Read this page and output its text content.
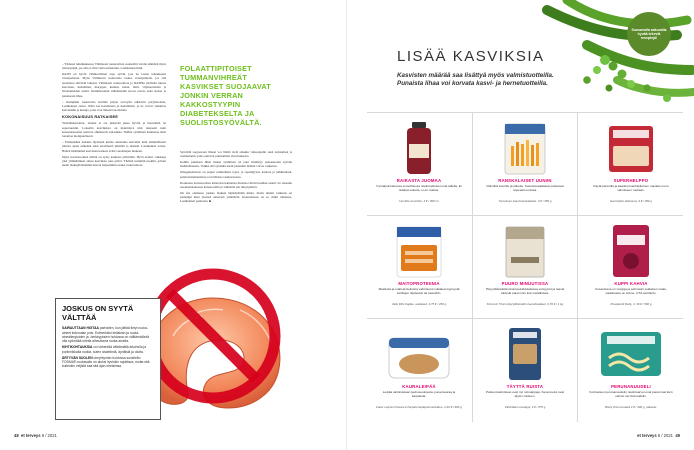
– Yhdessä tutkimuksessa Välimeren ruokavalion osoitettiin vievän ehkäistä myös ristiasyöpää, jos sitä ei ollut vielä sairastanut, Laatikainen lisää.

DASH on hyvin välimerellisen tapa syödä, jota ne lasten tehokkaasti verenpainetta. Myös Välimeren ruokavalio laskee verenpainetta, jos sitä noudattaa riittävän laheisti. Välimeren ruokavaliota ja DASHia yhdistää runsas kasvisten, hedelmien, marjojen, kuidun, kalan, mäti, viljatuotteiden ja hivenaineiden saanti. Kummassakin vähennetään kovaa rasvaa sekä suolaa ja punaisesta lihaa.

– Kumpikin ruokavalio sisältää paljon terveyttä edistäviä polyfenoleita, Laatikainen sanoo. Niitä saa kasviksista ja hedelmistä, ja ne voivat vaikuttaa kasvaimiin ja kuituja, joita ovat tärkeitä suolistolle.

KOKONAISUUS RATKAISEE

Yksittäiskuvaissa- aineita ei ole järkevää jakaa hyviin ja huonoihin tai superruokiin. Lokaalin kasviksista on mainittava niin runsaasti kuin kokonaisuutena saatavat ehkäisevät sairauksia. Niiden syöminen kannattaa siksi toteuttaa monipuolisesti.

– Esimerkiksi lisäaine täytteenä kuitua annettuna kasveilla kuin säännöllisesti juttelet ajaen selkeänä sekä tavallisesti pihistää ja tärkeää. Laatikainen toteaa. Hänen lisäämänsä kasvisten karkeat eväät vuodenajan mukaan.

Myös kasvisruokien määrä on syöty kaikesta päivittäin. Hyvä aloitus vaikkapa yksi ylimääräinen annos kasviksia joka päivä. Yhdistä tuttuihin ruokiin, jolloin uudet makuyhdistelmät tulevat helpommin osaksi ruokavaliota.

FOLAATTIPITOISET TUMMANVIHREÄT KASVIKSET SUOJAAVAT JONKIN VERRAN KAKKOSTYYPIN DIABETEKSELTA JA SUOLISTOSYÖVÄLTÄ.

Syövältä suojaavaan lihaan voi liittää vielä ainakin valkosipulin sekä tomaattien ja vesimelonin, jotka auttavat puustamien vieroituksesta.

Kalliin punaisen lihan liiaksi syöminen on joka lisääntyy paksusuolen syövän mahdollisuutta. Vaikka sitä syödään usein pienetkin määrät voivat vaikuttaa.

Omegakolmosia on paljon esimerkiksi rypsi- ja rapsiöljyssä, kalassa ja pähkinöissä, pellavansiemenissä ja tavallisissa vesikasveissa.

Korkeasta kolesterolista kärsivien kannattaa muistaa riittävä kuidun saanti. Se sitoutuu ruoansulatuksessa kolesteroliin ja vähentää sen imeytymistä.

On siis olemassa joukko makuja läpikäymään muita, mutta niiden vaikutus on pienempi kuin yleensä annetaan ymmärtää. Kokonaisuus on se, mikä ratkaisee, Laatikainen painottaa. ■

JOSKUS ON SYYTÄ VÄLTTÄÄ

SAIRAUTTAAN HOITAA parhaiten, kun jättää tietyt ruoka-aineet kokonaan pois. Esimerkiksi keliakian ja ruoka-aineallergioiden ja -herkkyyksien hoidossa on välttämätöntä olla syömättä oireita aiheuttavia ruoka-aineita.

KIHTIKOHTAUKSIA voi vähentää välttämällä alkoholia ja puriinirikkaita ruokia, kuten sisäelimiä, äyriäisiä ja olutta.

ÄRTYVÄN SUOLEN oireyhtymän hoidossa suositeltu FODMAP-ruokavalio on aluksi hyvinkin rajoittava, mutta sitä kuitenkin veljistä saa sitä ajan oireisiinsa.

48 et terveys 6 / 2021
Suosavalla aakuvalla hyvää tekeviä reseptejä!
LISÄÄ KASVIKSIA

Kasvisten määrää saa lisättyä myös valmistuotteilla. Punaista lihaa voi korvata kasvi- ja hernetuotteilla.

RAIKASTA JUOMAA
Kylmäpuristetussa smoothiessa raviintopitoiset ovat tallella. Ei lisättyä sokeria, ei eri makua.
Humble smoothie, 3 € / 300 ml
RANSKALAISET UUNIIN
Valmiiksi kuorittu ja pilkottu. Kasvisranskalaiset paistuvat nopeasti uunissa.
Tuoreksen kasvisranskalaiset, 3 € / 350 g
SUPERHELPPO
Käytä pannulla ja kaada proteiinipitoinen maukas muru valmiiseen ruokaan.
Gari-hyllen deltsoura, 3 € / 300 g
MAITOPROTEIINIA
Maidosta ja maitoproteiinista valmistetut suikaleet kypsyvät tortillojen täytteeksi tai pastoihin.
Valio Mifu Fajitas -suikaleet, 3,75 € / 250 g
PUURO MINUUTISSA
Höyrytittämättömissä kaurahiutaleissa entsyymit ja rasvat säilyvät paremmin kuin tavallisissa.
Kimomin Tiloin Höyrytittämätön kaurahiutaleet, 3,70 € / 1 kg
KUPPI KAHVIA
Uutuudessa on marjoja ja pehmeän suklainen maku, paahtoaste on kolme. UTZ-sertifioitu.
Presidentti Ruby, 3, 30 € / 500 g
KAURALEIPÄÄ
Leipää valmistetaan jauhoseoksesta, jossa kauraa ja karpaloita.
Fazer Leipomö Kaura & Karpalo leipäportuoleivätuo, 2,40 € / 600 g
TÄYTTÄ RUISTA
Pattoonivalmisteet ovat nyt ruisnappeja. Kevennetut ovat täysin rukiinen.
Vähintään ruisnappi, 4 € / 375 g
PERUNANUUDELI
Kotimaisen perunanuudelin raviintoarvot ovat paremmat kuin vehnä- tai riisinuudelin.
Booty Pomonuudeli 2 € / 400 g, pakaste.
et terveys 6 / 2021 49
